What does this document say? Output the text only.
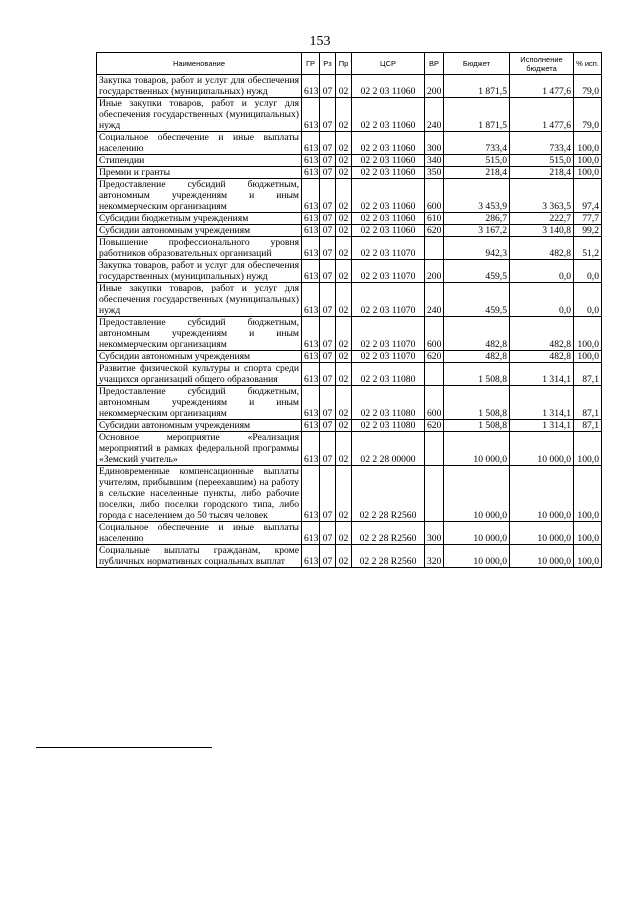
153
Наименование	ГР	Рз	Пр	ЦСР	ВР	Бюджет	Исполнение бюджета	% исп.
Закупка товаров, работ и услуг для обеспечения государственных (муниципальных) нужд	613	07	02	02 2 03 11060	200	1 871,5	1 477,6	79,0
Иные закупки товаров, работ и услуг для обеспечения государственных (муниципальных) нужд	613	07	02	02 2 03 11060	240	1 871,5	1 477,6	79,0
Социальное обеспечение и иные выплаты населению	613	07	02	02 2 03 11060	300	733,4	733,4	100,0
Стипендии	613	07	02	02 2 03 11060	340	515,0	515,0	100,0
Премии и гранты	613	07	02	02 2 03 11060	350	218,4	218,4	100,0
Предоставление субсидий бюджетным, автономным учреждениям и иным некоммерческим организациям	613	07	02	02 2 03 11060	600	3 453,9	3 363,5	97,4
Субсидии бюджетным учреждениям	613	07	02	02 2 03 11060	610	286,7	222,7	77,7
Субсидии автономным учреждениям	613	07	02	02 2 03 11060	620	3 167,2	3 140,8	99,2
Повышение профессионального уровня работников образовательных организаций	613	07	02	02 2 03 11070		942,3	482,8	51,2
Закупка товаров, работ и услуг для обеспечения государственных (муниципальных) нужд	613	07	02	02 2 03 11070	200	459,5	0,0	0,0
Иные закупки товаров, работ и услуг для обеспечения государственных (муниципальных) нужд	613	07	02	02 2 03 11070	240	459,5	0,0	0,0
Предоставление субсидий бюджетным, автономным учреждениям и иным некоммерческим организациям	613	07	02	02 2 03 11070	600	482,8	482,8	100,0
Субсидии автономным учреждениям	613	07	02	02 2 03 11070	620	482,8	482,8	100,0
Развитие физической культуры и спорта среди учащихся организаций общего образования	613	07	02	02 2 03 11080		1 508,8	1 314,1	87,1
Предоставление субсидий бюджетным, автономным учреждениям и иным некоммерческим организациям	613	07	02	02 2 03 11080	600	1 508,8	1 314,1	87,1
Субсидии автономным учреждениям	613	07	02	02 2 03 11080	620	1 508,8	1 314,1	87,1
Основное мероприятие «Реализация мероприятий в рамках федеральной программы «Земский учитель»	613	07	02	02 2 28 00000		10 000,0	10 000,0	100,0
Единовременные компенсационные выплаты учителям, прибывшим (переехавшим) на работу в сельские населенные пункты, либо рабочие поселки, либо поселки городского типа, либо города с населением до 50 тысяч человек	613	07	02	02 2 28 R2560		10 000,0	10 000,0	100,0
Социальное обеспечение и иные выплаты населению	613	07	02	02 2 28 R2560	300	10 000,0	10 000,0	100,0
Социальные выплаты гражданам, кроме публичных нормативных социальных выплат	613	07	02	02 2 28 R2560	320	10 000,0	10 000,0	100,0
